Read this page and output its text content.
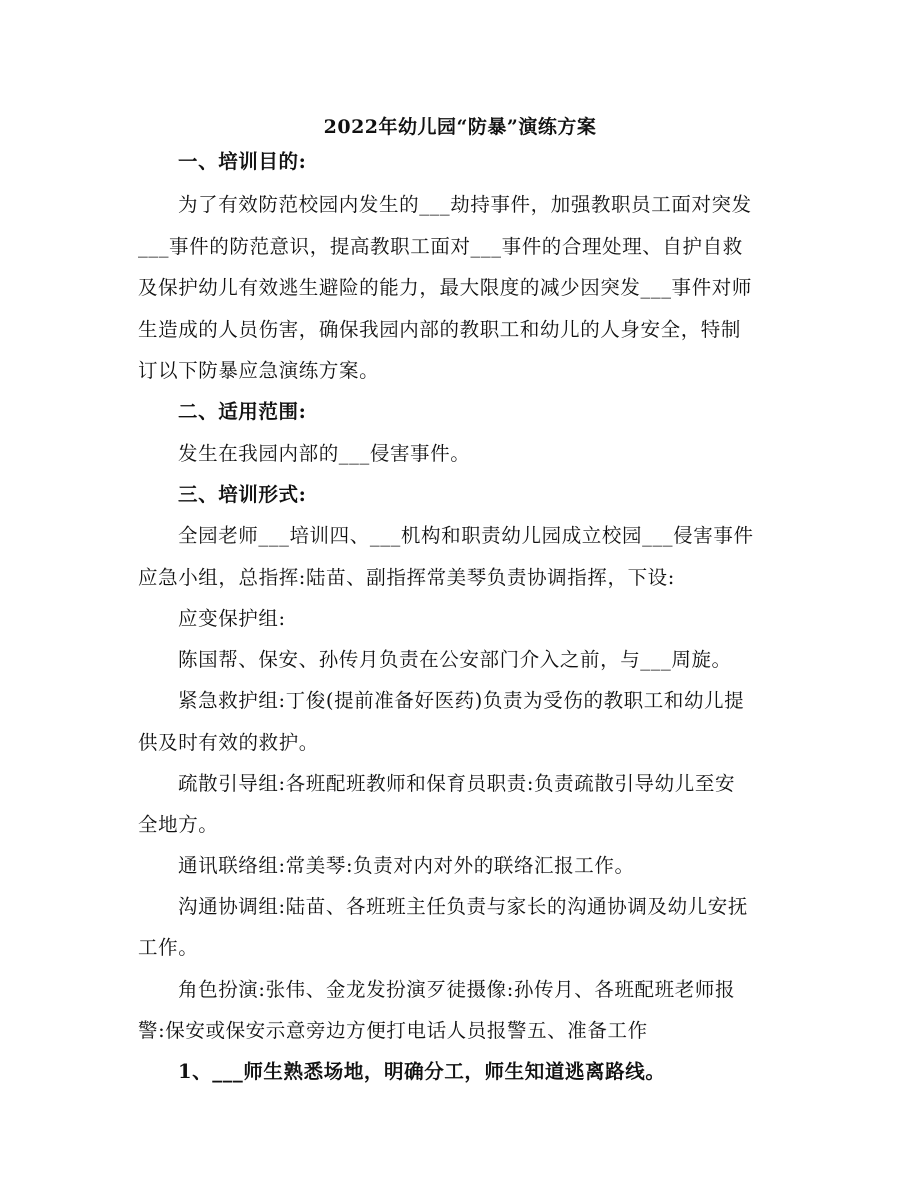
2022年幼儿园“防暴”演练方案
一、培训目的:
为了有效防范校园内发生的___劫持事件，加强教职员工面对突发
___事件的防范意识，提高教职工面对___事件的合理处理、自护自救
及保护幼儿有效逃生避险的能力，最大限度的减少因突发___事件对师
生造成的人员伤害，确保我园内部的教职工和幼儿的人身安全，特制
订以下防暴应急演练方案。
二、适用范围:
发生在我园内部的___侵害事件。
三、培训形式:
全园老师___培训四、___机构和职责幼儿园成立校园___侵害事件
应急小组，总指挥:陆苗、副指挥常美琴负责协调指挥，下设:
应变保护组:
陈国帮、保安、孙传月负责在公安部门介入之前，与___周旋。
紧急救护组:丁俊(提前准备好医药)负责为受伤的教职工和幼儿提
供及时有效的救护。
疏散引导组:各班配班教师和保育员职责:负责疏散引导幼儿至安
全地方。
通讯联络组:常美琴:负责对内对外的联络汇报工作。
沟通协调组:陆苗、各班班主任负责与家长的沟通协调及幼儿安抚
工作。
角色扮演:张伟、金龙发扮演歹徒摄像:孙传月、各班配班老师报
警:保安或保安示意旁边方便打电话人员报警五、准备工作
1、___师生熟悉场地，明确分工，师生知道逃离路线。
